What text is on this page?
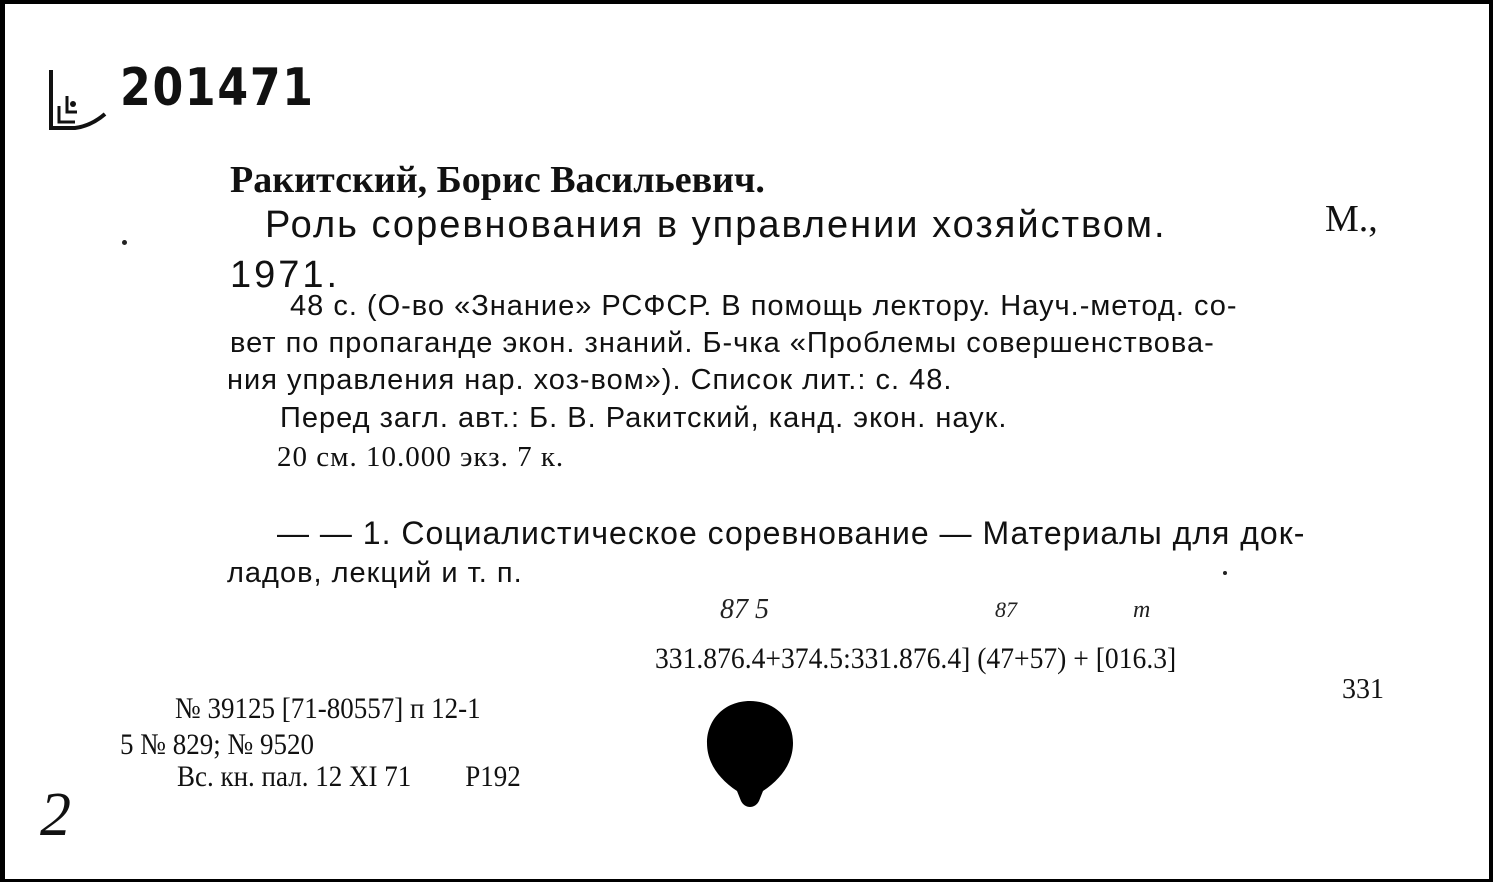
201471
Ракитский, Борис Васильевич.
Роль соревнования в управлении хозяйством.	М.,
1971.
48 с. (О-во «Знание» РСФСР. В помощь лектору. Науч.-метод. со-
вет по пропаганде экон. знаний. Б-чка «Проблемы совершенствова-
ния управления нар. хоз-вом»). Список лит.: с. 48.
Перед загл. авт.: Б. В. Ракитский, канд. экон. наук.
20 см. 10.000 экз. 7 к.
— — 1. Социалистическое соревнование — Материалы для док-
ладов, лекций и т. п.
87 5	87	т
331.876.4+374.5:331.876.4] (47+57) + [016.3]
331
№ 39125 [71-80557] п 12-1
5 № 829; № 9520
Вс. кн. пал. 12 XI 71 Р192
2
